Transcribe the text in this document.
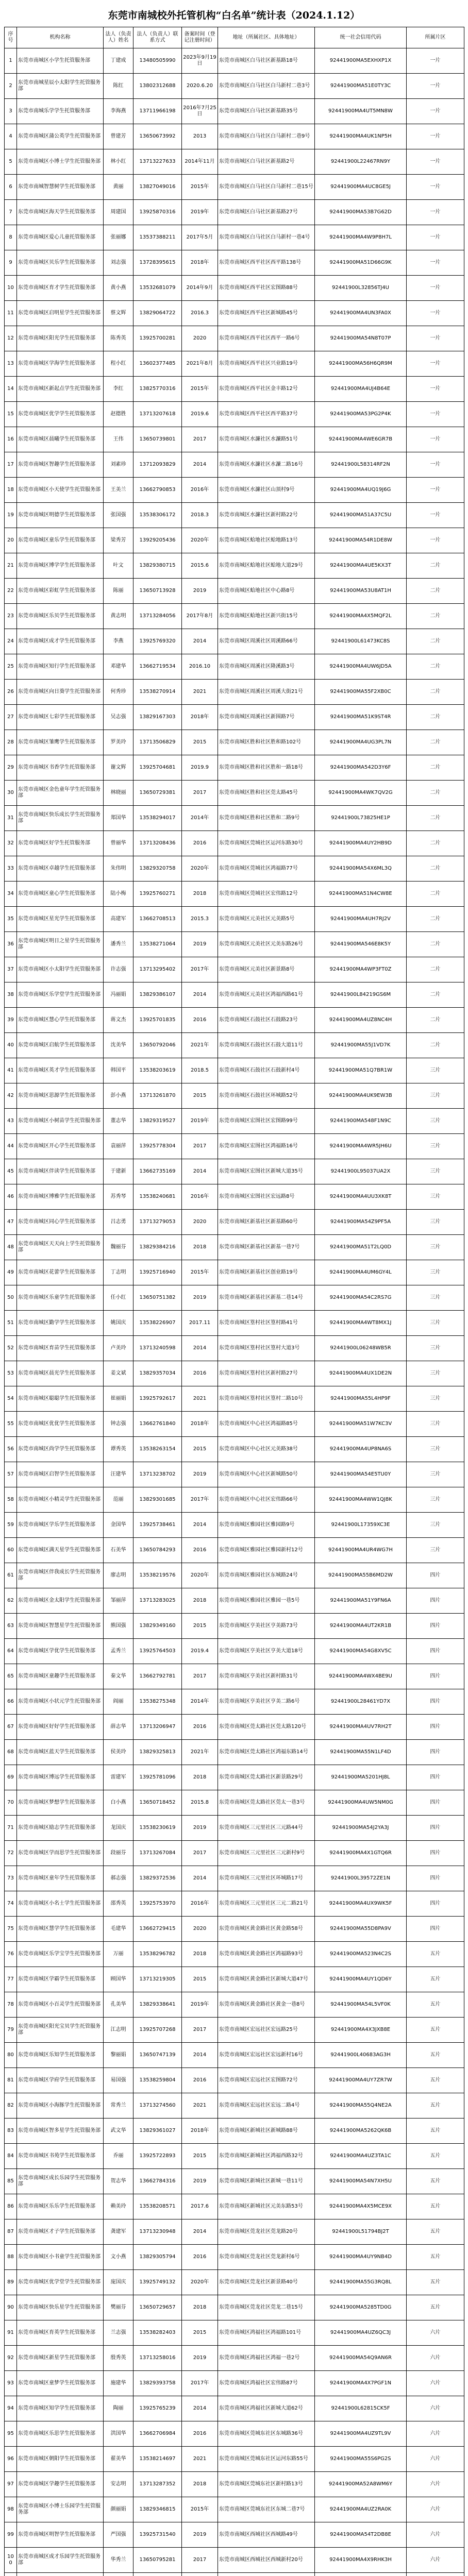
东莞市南城校外托管机构“白名单”统计表（2024.1.12）
序号	机构名称	法人（负责人）姓名	法人（负责人）联系方式	备案时间（登记注册时间）	地址（所属社区、具体地址）	统一社会信用代码	所属片区
1	东莞市南城区小学生托管服务部	丁建成	13480505990	2023年9月19日	东莞市南城区白马社区新基路18号	92441900MA5EXHXP1X	一片
2	东莞市南城星辰小太阳学生托管服务部	陈红	13802312688	2020.6.20	东莞市南城区白马社区白马新村二巷3号	92441900MA51E0TY3C	一片
3	东莞市南城乐学学生托管服务部	李海燕	13711966198	2016年7月25日	东莞市南城区白马社区新基路35号	92441900MA4UT5MN8W	一片
4	东莞市南城区蒲公英学生托管服务部	曾建芳	13650673992	2013	东莞市南城区白马社区白马新村二巷9号	92441900MA4UK1NP5H	一片
5	东莞市南城区小博士学生托管服务部	林小红	13713227633	2014年11月	东莞市南城区白马社区新基路2号	92441900L22467RN9Y	一片
6	东莞市南城智慧树学生托管服务部	黄丽	13827049016	2015年	东莞市南城区白马社区白马新村二巷15号	92441900MA4UC8GE5J	一片
7	东莞市南城区海天学生托管服务部	周建国	13925870316	2019年	东莞市南城区白马社区新基路27号	92441900MA53B7G62D	一片
8	东莞市南城区爱心儿童托管服务部	张丽娜	13537388211	2017年5月	东莞市南城区白马社区白马新村一巷4号	92441900MA4W9P8H7L	一片
9	东莞市南城区贝乐学生托管服务部	刘志强	13728395615	2018年	东莞市南城区西平社区西平路138号	92441900MA51D66G9K	一片
10	东莞市南城区育才学生托管服务部	黄小燕	13532681079	2014年9月	东莞市南城区西平社区宏图路88号	92441900L32856TJ4U	一片
11	东莞市南城区启明星学生托管服务部	蔡文辉	13829064722	2016.3	东莞市南城区西平社区新城路45号	92441900MA4UN3FA0X	一片
12	东莞市南城区阳光学生托管服务部	陈秀英	13925700281	2020	东莞市南城区西平社区西平一路6号	92441900MA54N8T07P	一片
13	东莞市南城区学海学生托管服务部	程小红	13602377485	2021年8月	东莞市南城区西平社区兴业路19号	92441900MA56H6QR9M	一片
14	东莞市南城区新起点学生托管服务部	李红	13825770316	2015年	东莞市南城区西平社区金丰路12号	92441900MA4UJ4B64E	一片
15	东莞市南城区优学学生托管服务部	赵德胜	13713207618	2019.6	东莞市南城区西平社区西平路37号	92441900MA53PG2P4K	一片
16	东莞市南城区晨曦学生托管服务部	王伟	13650739801	2017	东莞市南城区水濂社区水濂路51号	92441900MA4WE6GR7B	一片
17	东莞市南城区智趣学生托管服务部	刘素珍	13712093829	2014	东莞市南城区水濂社区水濂二路16号	92441900L58314RF2N	一片
18	东莞市南城区小天使学生托管服务部	王美兰	13662790853	2016年	东莞市南城区水濂社区山顶村9号	92441900MA4UQ19J6G	一片
19	东莞市南城区明德学生托管服务部	张国强	13538306172	2018.3	东莞市南城区水濂社区新村路22号	92441900MA51A37C5U	一片
20	东莞市南城区童乐学生托管服务部	梁秀芳	13929205436	2020年	东莞市南城区蛤地社区蛤地路13号	92441900MA54R1DE8W	一片
21	东莞市南城区博学学生托管服务部	叶文	13829380715	2015.6	东莞市南城区蛤地社区蛤地大道29号	92441900MA4UE5KX3T	二片
22	东莞市南城区彩虹学生托管服务部	陈丽	13650713928	2019	东莞市南城区蛤地社区中心路8号	92441900MA53U8AT1H	二片
23	东莞市南城区乐贝学生托管服务部	黄志明	13713284056	2017年8月	东莞市南城区蛤地社区新兴街15号	92441900MA4X5MQF2L	二片
24	东莞市南城区成才学生托管服务部	李燕	13925769320	2014	东莞市南城区周溪社区周溪路66号	92441900L61473KC8S	二片
25	东莞市南城区知行学生托管服务部	邓建华	13662719534	2016.10	东莞市南城区周溪社区隆溪路3号	92441900MA4UW6JD5A	二片
26	东莞市南城区向日葵学生托管服务部	何秀珍	13538270914	2021	东莞市南城区周溪社区周溪大街21号	92441900MA55F2XB0C	二片
27	东莞市南城区七彩学生托管服务部	吴志强	13829167303	2018年	东莞市南城区周溪社区新围路7号	92441900MA51K9ST4R	二片
28	东莞市南城区雏鹰学生托管服务部	罗美玲	13713506829	2015	东莞市南城区胜和社区胜和路102号	92441900MA4UG3PL7N	二片
29	东莞市南城区书香学生托管服务部	谢文辉	13925704681	2019.9	东莞市南城区胜和社区胜和一路18号	92441900MA542D3Y6F	二片
30	东莞市南城区金色童年学生托管服务部	林晓丽	13650729381	2017	东莞市南城区胜和社区莞太路45号	92441900MA4WK7QV2G	二片
31	东莞市南城区快乐成长学生托管服务部	郑国华	13538294017	2014年	东莞市南城区胜和社区胜和二路9号	92441900L73825HE1P	二片
32	东莞市南城区好学生托管服务部	曾丽华	13713208436	2016	东莞市南城区莞城社区运河东路30号	92441900MA4UY2HB9D	二片
33	东莞市南城区卓越学生托管服务部	朱伟明	13829320758	2020年	东莞市南城区莞城社区鸿福路77号	92441900MA54X6ML3Q	二片
34	东莞市南城区童心学生托管服务部	陆小梅	13925760271	2018	东莞市南城区莞城社区宏伟路12号	92441900MA51N4CW8E	二片
35	东莞市南城区星光学生托管服务部	高建军	13662708513	2015.3	东莞市南城区元美社区元美路5号	92441900MA4UH7RJ2V	二片
36	东莞市南城区明日之星学生托管服务部	潘秀兰	13538271064	2019	东莞市南城区元美社区元美东路26号	92441900MA546E8K5Y	二片
37	东莞市南城区小太阳学生托管服务部	许志强	13713295402	2017年	东莞市南城区元美社区新景路8号	92441900MA4WP3FT0Z	二片
38	东莞市南城区乐学堂学生托管服务部	冯丽娟	13829386107	2014	东莞市南城区元美社区鸿福西路61号	92441900L84219GS6M	二片
39	东莞市南城区慧心学生托管服务部	蒋文杰	13925701835	2016	东莞市南城区石鼓社区石鼓路23号	92441900MA4UZ8NC4H	二片
40	东莞市南城区启航学生托管服务部	沈美华	13650792046	2021年	东莞市南城区石鼓社区石鼓大道11号	92441900MA55J1VD7K	二片
41	东莞市南城区英才学生托管服务部	韩国平	13538203619	2018.5	东莞市南城区石鼓社区石鼓新村4号	92441900MA51Q7BR1W	三片
42	东莞市南城区思源学生托管服务部	彭小燕	13713261870	2015	东莞市南城区石鼓社区环城路52号	92441900MA4UK9EW3B	三片
43	东莞市南城区小树苗学生托管服务部	董志华	13829319527	2019年	东莞市南城区宏图社区宏图路99号	92441900MA548F1N9C	三片
44	东莞市南城区开心学生托管服务部	袁丽萍	13925778304	2017	东莞市南城区宏图社区鸿福路16号	92441900MA4WR5JH6U	三片
45	东莞市南城区伴读学生托管服务部	于建新	13662735169	2014	东莞市南城区宏图社区新城大道35号	92441900L95037UA2X	三片
46	东莞市南城区博雅学生托管服务部	苏秀琴	13538240681	2016年	东莞市南城区宏图社区宏远路8号	92441900MA4UU3XK8T	三片
47	东莞市南城区同心学生托管服务部	吕志勇	13713279053	2020	东莞市南城区新基社区新基路60号	92441900MA54Z9PF5A	三片
48	东莞市南城区天天向上学生托管服务部	魏丽芬	13829384216	2018	东莞市南城区新基社区新基一巷7号	92441900MA51T2LQ0D	三片
49	东莞市南城区花蕾学生托管服务部	丁志明	13925716940	2015年	东莞市南城区新基社区创业路19号	92441900MA4UM6GY4L	三片
50	东莞市南城区乐童学生托管服务部	任小红	13650751382	2019	东莞市南城区新基社区新基二巷14号	92441900MA54C2RS7G	三片
51	东莞市南城区勤学学生托管服务部	姚国庆	13538226907	2017.11	东莞市南城区篁村社区篁村路41号	92441900MA4WT8MX1J	三片
52	东莞市南城区育苗学生托管服务部	卢美玲	13713240598	2014	东莞市南城区篁村社区篁村大道3号	92441900L06248WB5R	三片
53	东莞市南城区晨光学生托管服务部	姜文斌	13829357034	2016	东莞市南城区篁村社区新村路27号	92441900MA4UX1DE2N	三片
54	东莞市南城区聪聪学生托管服务部	崔丽娟	13925792617	2021	东莞市南城区篁村社区篁村二路10号	92441900MA55L4HP9F	三片
55	东莞市南城区优优学生托管服务部	钟志强	13662761840	2018年	东莞市南城区中心社区鸿福路85号	92441900MA51W7KC3V	三片
56	东莞市南城区尚学学生托管服务部	谭秀英	13538263154	2015	东莞市南城区中心社区元美路38号	92441900MA4UP8NA6S	三片
57	东莞市南城区启智学生托管服务部	汪建华	13713238702	2019	东莞市南城区中心社区新城路50号	92441900MA54E5TU0Y	三片
58	东莞市南城区小精灵学生托管服务部	范丽	13829301685	2017年	东莞市南城区中心社区宏伟路66号	92441900MA4WW1QJ8K	三片
59	东莞市南城区学乐学生托管服务部	金国华	13925738461	2014	东莞市南城区雅园社区雅园路9号	92441900L17359XC3E	三片
60	东莞市南城区满天星学生托管服务部	石美华	13650784293	2016	东莞市南城区雅园社区雅园新村12号	92441900MA4UR4WG7H	三片
61	东莞市南城区伴我成长学生托管服务部	廖志明	13538219576	2020年	东莞市南城区雅园社区东城路24号	92441900MA55B6MD2W	四片
62	东莞市南城区金太阳学生托管服务部	邹丽萍	13713283025	2018	东莞市南城区雅园社区雅园一巷5号	92441900MA51Y9FN6A	四片
63	东莞市南城区智慧星学生托管服务部	熊国强	13829349160	2015	东莞市南城区亨美社区亨美路73号	92441900MA4UT2KR1B	四片
64	东莞市南城区学优学生托管服务部	孟秀兰	13925764503	2019.4	东莞市南城区亨美社区亨美大道18号	92441900MA54G8XV5C	四片
65	东莞市南城区童趣学生托管服务部	秦文华	13662792781	2017	东莞市南城区亨美社区新村路31号	92441900MA4WX4BE9U	四片
66	东莞市南城区小状元学生托管服务部	阎丽	13538275348	2014年	东莞市南城区亨美社区亨美二路6号	92441900L28461YD7X	四片
67	东莞市南城区好好学生托管服务部	薛志华	13713206947	2016	东莞市南城区莞太路社区莞太路120号	92441900MA4UV7RH2T	四片
68	东莞市南城区蓝天学生托管服务部	侯美玲	13829325813	2021年	东莞市南城区莞太路社区鸿福东路14号	92441900MA55N1LF4D	四片
69	东莞市南城区博远学生托管服务部	雷建军	13925781096	2018	东莞市南城区莞太路社区新景路29号	92441900MA5201HJ8L	四片
70	东莞市南城区梦想学生托管服务部	白小燕	13650718452	2015.8	东莞市南城区莞太路社区莞太一巷3号	92441900MA4UW5NM0G	四片
71	东莞市南城区励志学生托管服务部	龙国庆	13538230619	2019	东莞市南城区三元里社区三元路44号	92441900MA54J2YA3J	四片
72	东莞市南城区学而思学生托管服务部	段丽芬	13713267084	2017	东莞市南城区三元里社区三元新村9号	92441900MA4X1GTQ6R	四片
73	东莞市南城区童年学生托管服务部	郝志强	13829372536	2014	东莞市南城区三元里社区环城路17号	92441900L39572ZE1N	四片
74	东莞市南城区小名士学生托管服务部	邵秀英	13925753970	2016年	东莞市南城区三元里社区三元二路21号	92441900MA4UX9WK5F	四片
75	东莞市南城区慧学学生托管服务部	毛建华	13662729415	2020	东莞市南城区黄金路社区黄金路58号	92441900MA55D8PA9V	四片
76	东莞市南城区乐学宝学生托管服务部	万丽	13538296782	2018	东莞市南城区黄金路社区鸿福路93号	92441900MA523N4C2S	五片
77	东莞市南城区学霸学生托管服务部	顾国华	13713219305	2015	东莞市南城区黄金路社区新城大道47号	92441900MA4UY1QD6Y	五片
78	东莞市南城区小百灵学生托管服务部	孔美华	13829338641	2019年	东莞市南城区黄金路社区黄金一巷8号	92441900MA54L5VF0K	五片
79	东莞市南城区阳光宝贝学生托管服务部	江志明	13925707268	2017	东莞市南城区宏远社区宏远路25号	92441900MA4X3JXB8E	五片
80	东莞市南城区乐知学生托管服务部	黎丽娟	13650747139	2014	东莞市南城区宏远社区宏远新村16号	92441900L40683AG3H	五片
81	东莞市南城区学府学生托管服务部	易国强	13538259804	2016	东莞市南城区宏远社区宏图路72号	92441900MA4UY7ZR7W	五片
82	东莞市南城区小海豚学生托管服务部	常秀兰	13713274560	2021	东莞市南城区宏远社区宏远二路4号	92441900MA55Q4NE2A	五片
83	东莞市南城区智多星学生托管服务部	武文华	13829361027	2018年	东莞市南城区新城社区新城路88号	92441900MA5262QK6B	五片
84	东莞市南城区书苑学生托管服务部	乔丽	13925722893	2015	东莞市南城区新城社区鸿福西路32号	92441900MA4UZ3TA1C	五片
85	东莞市南城区成长乐园学生托管服务部	贺志华	13662784316	2019	东莞市南城区新城社区新城一巷11号	92441900MA54N7XH5U	五片
86	东莞市南城区乐乐学生托管服务部	赖美玲	13538208571	2017.6	东莞市南城区新城社区元美东路53号	92441900MA4X5MCE9X	五片
87	东莞市南城区才子学生托管服务部	龚建军	13713230948	2014	东莞市南城区莞龙社区莞龙路20号	92441900L51794BJ2T	五片
88	东莞市南城区小书童学生托管服务部	文小燕	13829305794	2016	东莞市南城区莞龙社区莞龙新村6号	92441900MA4UY9NB4D	五片
89	东莞市南城区优学堂学生托管服务部	庞国庆	13925749132	2020年	东莞市南城区莞龙社区新景路40号	92441900MA55G3RQ8L	五片
90	东莞市南城区快乐星学生托管服务部	樊丽芬	13650729657	2018	东莞市南城区莞龙社区莞龙二巷15号	92441900MA5285TD0G	五片
91	东莞市南城区育英学生托管服务部	兰志强	13538282403	2015	东莞市南城区鸿福社区鸿福路101号	92441900MA4UZ6QC3J	六片
92	东莞市南城区新星学生托管服务部	殷秀英	13713258016	2019	东莞市南城区鸿福社区鸿福一巷2号	92441900MA54Q9AN6R	六片
93	东莞市南城区童梦学生托管服务部	施建华	13829393758	2017年	东莞市南城区鸿福社区宏伟路87号	92441900MA4X7PGF1N	六片
94	东莞市南城区知学学生托管服务部	陶丽	13925765239	2014	东莞市南城区鸿福社区新城大道62号	92441900L62815CK5F	六片
95	东莞市南城区乐思学生托管服务部	洪国华	13662706984	2016	东莞市南城区莞城东社区东城路36号	92441900MA4UZ9TL9V	六片
96	东莞市南城区朝阳学生托管服务部	翟美华	13538214697	2021	东莞市南城区莞城东社区运河东路55号	92441900MA55S6PG2S	六片
97	东莞市南城区学趣学生托管服务部	安志明	13713287352	2018	东莞市南城区莞城东社区新村路13号	92441900MA52A8WM6Y	六片
98	东莞市南城区小博士乐园学生托管服务部	颜丽娟	13829346815	2015年	东莞市南城区莞城东社区东城二巷7号	92441900MA4UZ2RA0K	六片
99	东莞市南城区明智学生托管服务部	严国强	13925731540	2019	东莞市南城区西城社区西城路49号	92441900MA54T2DB8E	六片
100	东莞市南城区成才乐园学生托管服务部	华秀兰	13650795281	2017	东莞市南城区西城社区西城新村20号	92441900MA4X9RHK3H	六片
